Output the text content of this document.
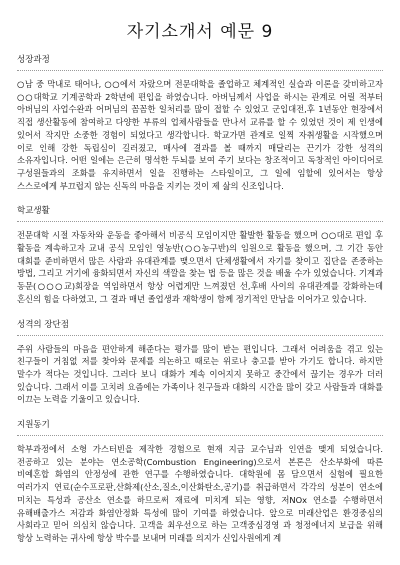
자기소개서 예문 9
성장과정

○남 중 막내로 태어나, ○○에서 자랐으며 전문대학을 졸업하고 체계적인 실습과 이론을 갖비하고자 ○○대학교 기계공학과 2학년에 편입을 하였습니다. 아버님께서 사업을 하시는 관계로 어릴 적부터 아버님의 사업수완과 어머님의 꼼꼼한 일처리를 많이 접할 수 있었고 군입대전,후 1년동안 현장에서 직접 생산활동에 참여하고 다양한 부류의 업체사람들을 만나서 교류를 할 수 있었던 것이 제 인생에 있어서 작지만 소중한 경험이 되었다고 생각합니다. 학교가면 관계로 일찍 자취생활을 시작했으며 이로 인해 강한 독립심이 길러졌고, 매사에 결과를 볼 때까지 매달리는 끈기가 강한 성격의 소유자입니다. 어떤 일에는 은근히 명석한 두뇌를 보여 주기 보다는 창조적이고 독창적인 아이디어로 구성원들과의 조화를 유지하면서 일을 진행하는 스타일이고, 그 일에 임할에 있어서는 항상 스스로에게 부끄럽지 않는 신독의 마음을 지키는 것이 제 삶의 신조입니다.

학교생활

전문대학 시절 자동차와 운동을 좋아해서 비공식 모임이지만 활발한 활동을 했으며 ○○대로 편입 후 활동을 계속하고자 교내 공식 모임인 영농반(○○농구반)의 임원으로 활동을 했으며, 그 기간 동안 대회를 준비하면서 많은 사람과 유대관계를 맺으면서 단체생활에서 자기를 찾이고 집단을 존중하는 방법, 그리고 거기에 융화되면서 자신의 색깔을 찾는 법 등을 많은 것을 배울 수가 있었습니다. 기계과 동문(○○○교)회장을 역임하면서 항상 어렵게만 느껴졌던 선,후배 사이의 유대관계를 강화하는데 혼신의 힘을 다하였고, 그 결과 매년 졸업생과 재학생이 함께 정기적인 만남을 이어가고 있습니다.

성격의 장단점

주위 사람들의 마음을 편안하게 해준다는 평가를 많이 받는 편입니다. 그래서 어려움을 겪고 있는 친구들이 거침없 저를 찾아와 문제를 의논하고 때로는 위로나 충고를 받아 가기도 합니다. 하지만 말수가 적다는 것입니다. 그러다 보니 대화가 계속 이어지지 못하고 중간에서 끊기는 경우가 더러 있습니다. 그래서 이를 고치려 요즘에는 가족이나 친구들과 대화의 시간을 많이 갖고 사람들과 대화를 이끄는 노력을 기울이고 있습니다.

지원동기

학부과정에서 소형 가스터빈을 제작한 경험으로 현재 지금 교수님과 인연을 맺게 되었습니다. 전공하고 있는 분야는 연소공학(Combustion Engineering)으로서 본론은 산소부화에 따른 비예혼합 화염의 안정성에 관한 연구를 수행하였습니다. 대학원에 몸 담으면서 실험에 필요한 여러가지 연료(순수프로판,산화제(산소,질소,이산화탄소,공기)를 취급하면서 각각의 성분이 연소에 미치는 특성과 공산소 연소를 하므로써 재료에 미치게 되는 영향, 저NOx 연소를 수행하면서 유해배출가스 저감과 화염안정화 특성에 많이 기여를 하였습니다. 앞으로 미래산업은 환경중심의 사회라고 믿어 의심치 않습니다. 고객을 최우선으로 하는 고객중심경영 과 청정에너지 보급을 위해 항상 노력하는 귀사에 항상 박수를 보내며 미래를 의지가 신입사원에게 계
